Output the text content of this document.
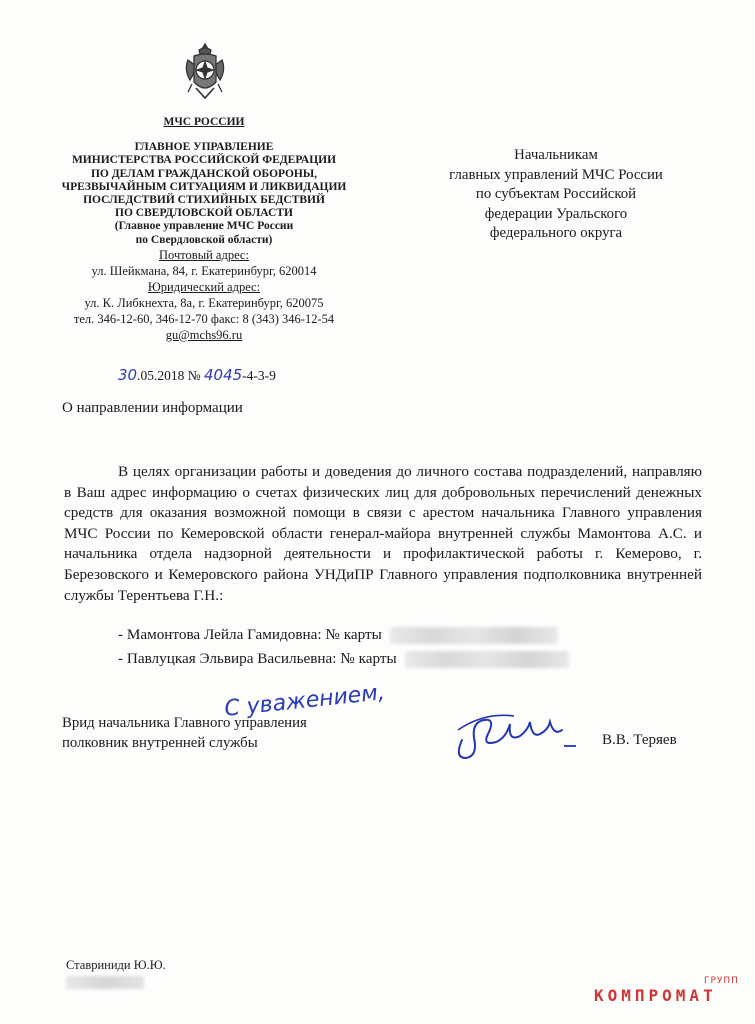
МЧС РОССИИ
ГЛАВНОЕ УПРАВЛЕНИЕ
МИНИСТЕРСТВА РОССИЙСКОЙ ФЕДЕРАЦИИ
ПО ДЕЛАМ ГРАЖДАНСКОЙ ОБОРОНЫ,
ЧРЕЗВЫЧАЙНЫМ СИТУАЦИЯМ И ЛИКВИДАЦИИ
ПОСЛЕДСТВИЙ СТИХИЙНЫХ БЕДСТВИЙ
ПО СВЕРДЛОВСКОЙ ОБЛАСТИ
(Главное управление МЧС России
по Свердловской области)
Почтовый адрес:
ул. Шейкмана, 84, г. Екатеринбург, 620014
Юридический адрес:
ул. К. Либкнехта, 8а, г. Екатеринбург, 620075
тел. 346-12-60, 346-12-70 факс: 8 (343) 346-12-54
gu@mchs96.ru
Начальникам
главных управлений МЧС России
по субъектам Российской
федерации Уральского
федерального округа
30.05.2018 № 4045-4-3-9
О направлении информации
В целях организации работы и доведения до личного состава подразделений, направляю в Ваш адрес информацию о счетах физических лиц для добровольных перечислений денежных средств для оказания возможной помощи в связи с арестом начальника Главного управления МЧС России по Кемеровской области генерал-майора внутренней службы Мамонтова А.С. и начальника отдела надзорной деятельности и профилактической работы г. Кемерово, г. Березовского и Кемеровского района УНДиПР Главного управления подполковника внутренней службы Терентьева Г.Н.:
- Мамонтова Лейла Гамидовна: № карты
- Павлуцкая Эльвира Васильевна: № карты
С уважением,
Врид начальника Главного управления
полковник внутренней службы	В.В. Теряев
Ставриниди Ю.Ю.
ГРУПП
КОМПРОМАТ
